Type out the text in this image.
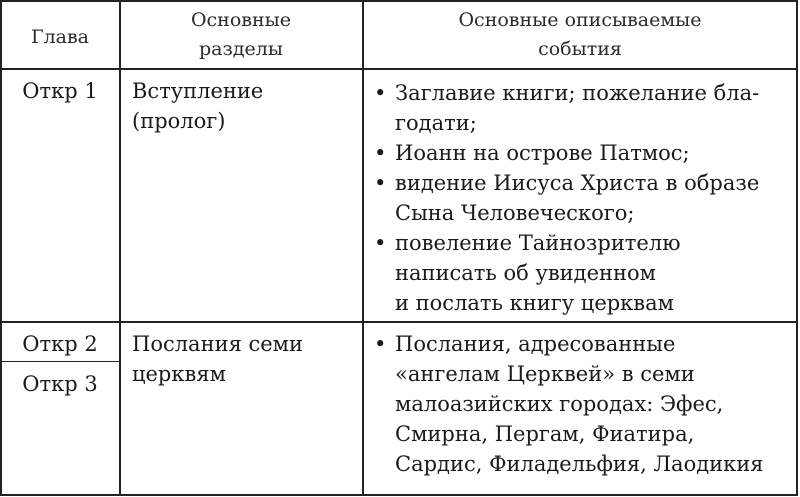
Глава
Основные
разделы
Основные описываемые
события
Откр 1	Вступление
(пролог)
• Заглавие книги; пожелание бла-
годати;
• Иоанн на острове Патмос;
• видение Иисуса Христа в образе
Сына Человеческого;
• повеление Тайнозрителю
написать об увиденном
и послать книгу церквам
Откр 2
Откр 3
Послания семи
церквям
• Послания, адресованные
«ангелам Церквей» в семи
малоазийских городах: Эфес,
Смирна, Пергам, Фиатира,
Сардис, Филадельфия, Лаодикия
